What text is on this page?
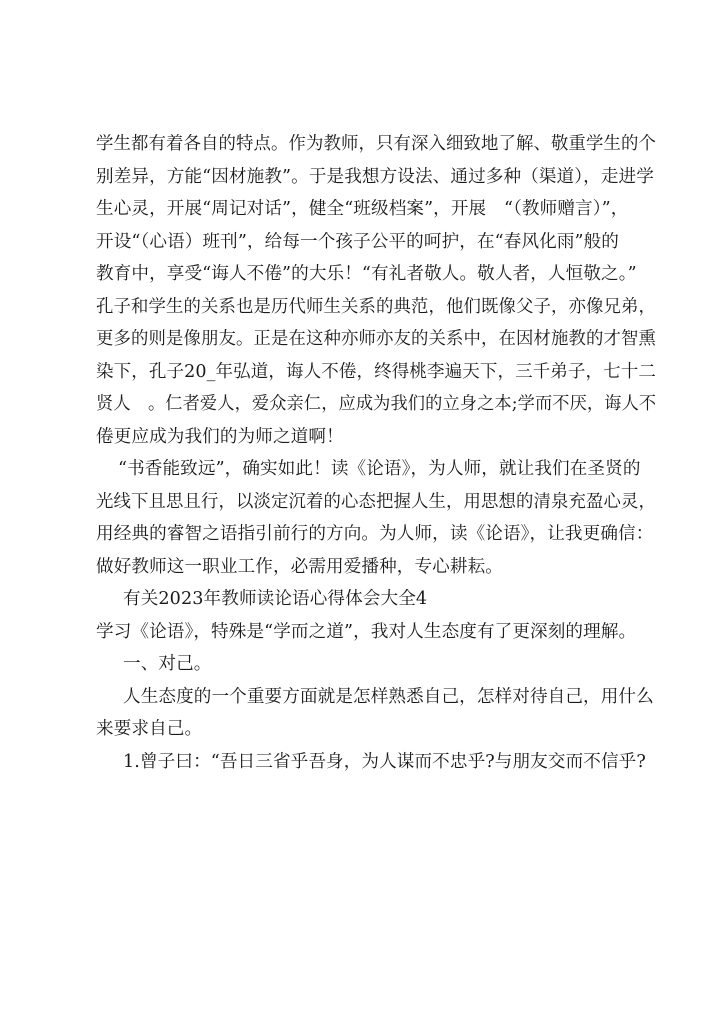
学生都有着各自的特点。作为教师，只有深入细致地了解、敬重学生的个
别差异，方能“因材施教”。于是我想方设法、通过多种（渠道），走进学
生心灵，开展“周记对话”，健全“班级档案”，开展　“（教师赠言）”，
开设“（心语）班刊”，给每一个孩子公平的呵护，在“春风化雨”般的
教育中，享受“诲人不倦”的大乐！“有礼者敬人。敬人者，人恒敬之。”
孔子和学生的关系也是历代师生关系的典范，他们既像父子，亦像兄弟，
更多的则是像朋友。正是在这种亦师亦友的关系中，在因材施教的才智熏
染下，孔子20_年弘道，诲人不倦，终得桃李遍天下，三千弟子，七十二
贤人　。仁者爱人，爱众亲仁，应成为我们的立身之本;学而不厌，诲人不
倦更应成为我们的为师之道啊！
“书香能致远”，确实如此！读《论语》，为人师，就让我们在圣贤的
光线下且思且行，以淡定沉着的心态把握人生，用思想的清泉充盈心灵，
用经典的睿智之语指引前行的方向。为人师，读《论语》，让我更确信：
做好教师这一职业工作，必需用爱播种，专心耕耘。
有关2023年教师读论语心得体会大全4
学习《论语》，特殊是“学而之道”，我对人生态度有了更深刻的理解。
一、对己。
人生态度的一个重要方面就是怎样熟悉自己，怎样对待自己，用什么
来要求自己。
1.曾子曰：“吾日三省乎吾身，为人谋而不忠乎?与朋友交而不信乎?
